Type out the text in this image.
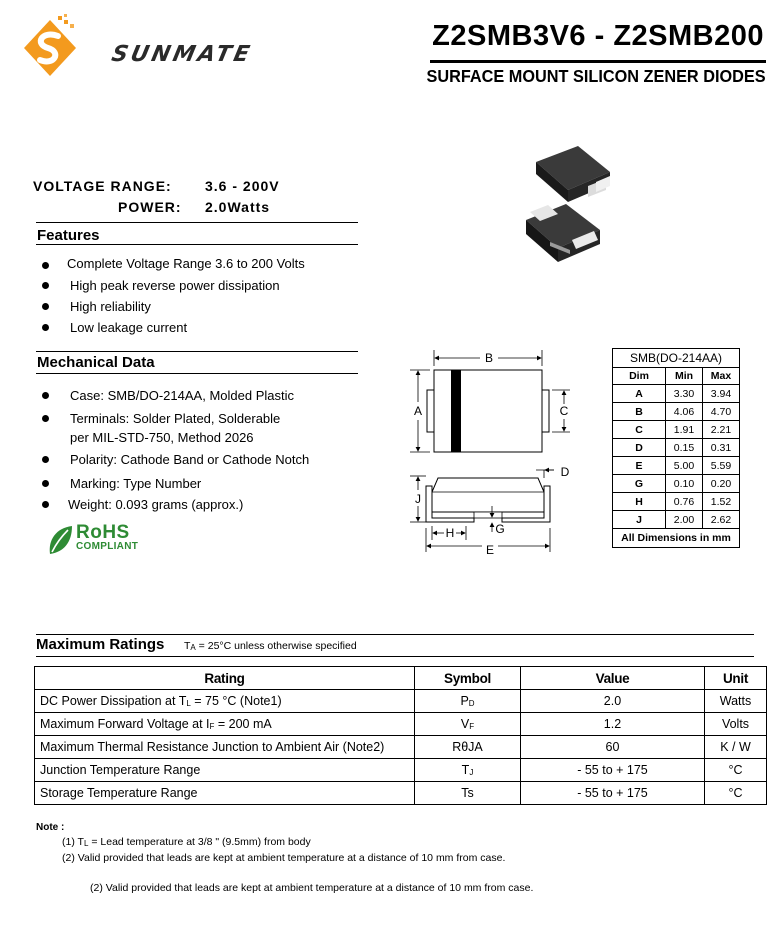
SUNMATE
Z2SMB3V6 - Z2SMB200
SURFACE MOUNT SILICON ZENER DIODES
VOLTAGE RANGE: 3.6 - 200V
POWER: 2.0Watts
Features
Complete Voltage Range 3.6 to 200 Volts
High peak reverse power dissipation
High reliability
Low leakage current
Mechanical Data
Case: SMB/DO-214AA, Molded Plastic
Terminals: Solder Plated, Solderable
per MIL-STD-750, Method 2026
Polarity: Cathode Band or Cathode Notch
Marking: Type Number
Weight: 0.093 grams (approx.)
RoHS
COMPLIANT
B
A	C
D
J
G
H
E
SMB(DO-214AA)		
Dim	Min	Max
A	3.30	3.94
B	4.06	4.70
C	1.91	2.21
D	0.15	0.31
E	5.00	5.59
G	0.10	0.20
H	0.76	1.52
J	2.00	2.62
All Dimensions in mm		
Maximum Ratings $T_A = 25^\circ C$ unless otherwise specified
Rating	Symbol	Value	Unit
DC Power Dissipation at $T_L = 75$ °C (Note1)	$P_D$	2.0	Watts
Maximum Forward Voltage at $I_F = 200$ mA	$V_F$	1.2	Volts
Maximum Thermal Resistance Junction to Ambient Air (Note2)	RθJA	60	K / W
Junction Temperature Range	$T_J$	- 55 to + 175	°C
Storage Temperature Range	Ts	- 55 to + 175	°C
Note :
(1) $T_L$ = Lead temperature at 3/8 " (9.5mm) from body
(2) Valid provided that leads are kept at ambient temperature at a distance of 10 mm from case.
(2) Valid provided that leads are kept at ambient temperature at a distance of 10 mm from case.
